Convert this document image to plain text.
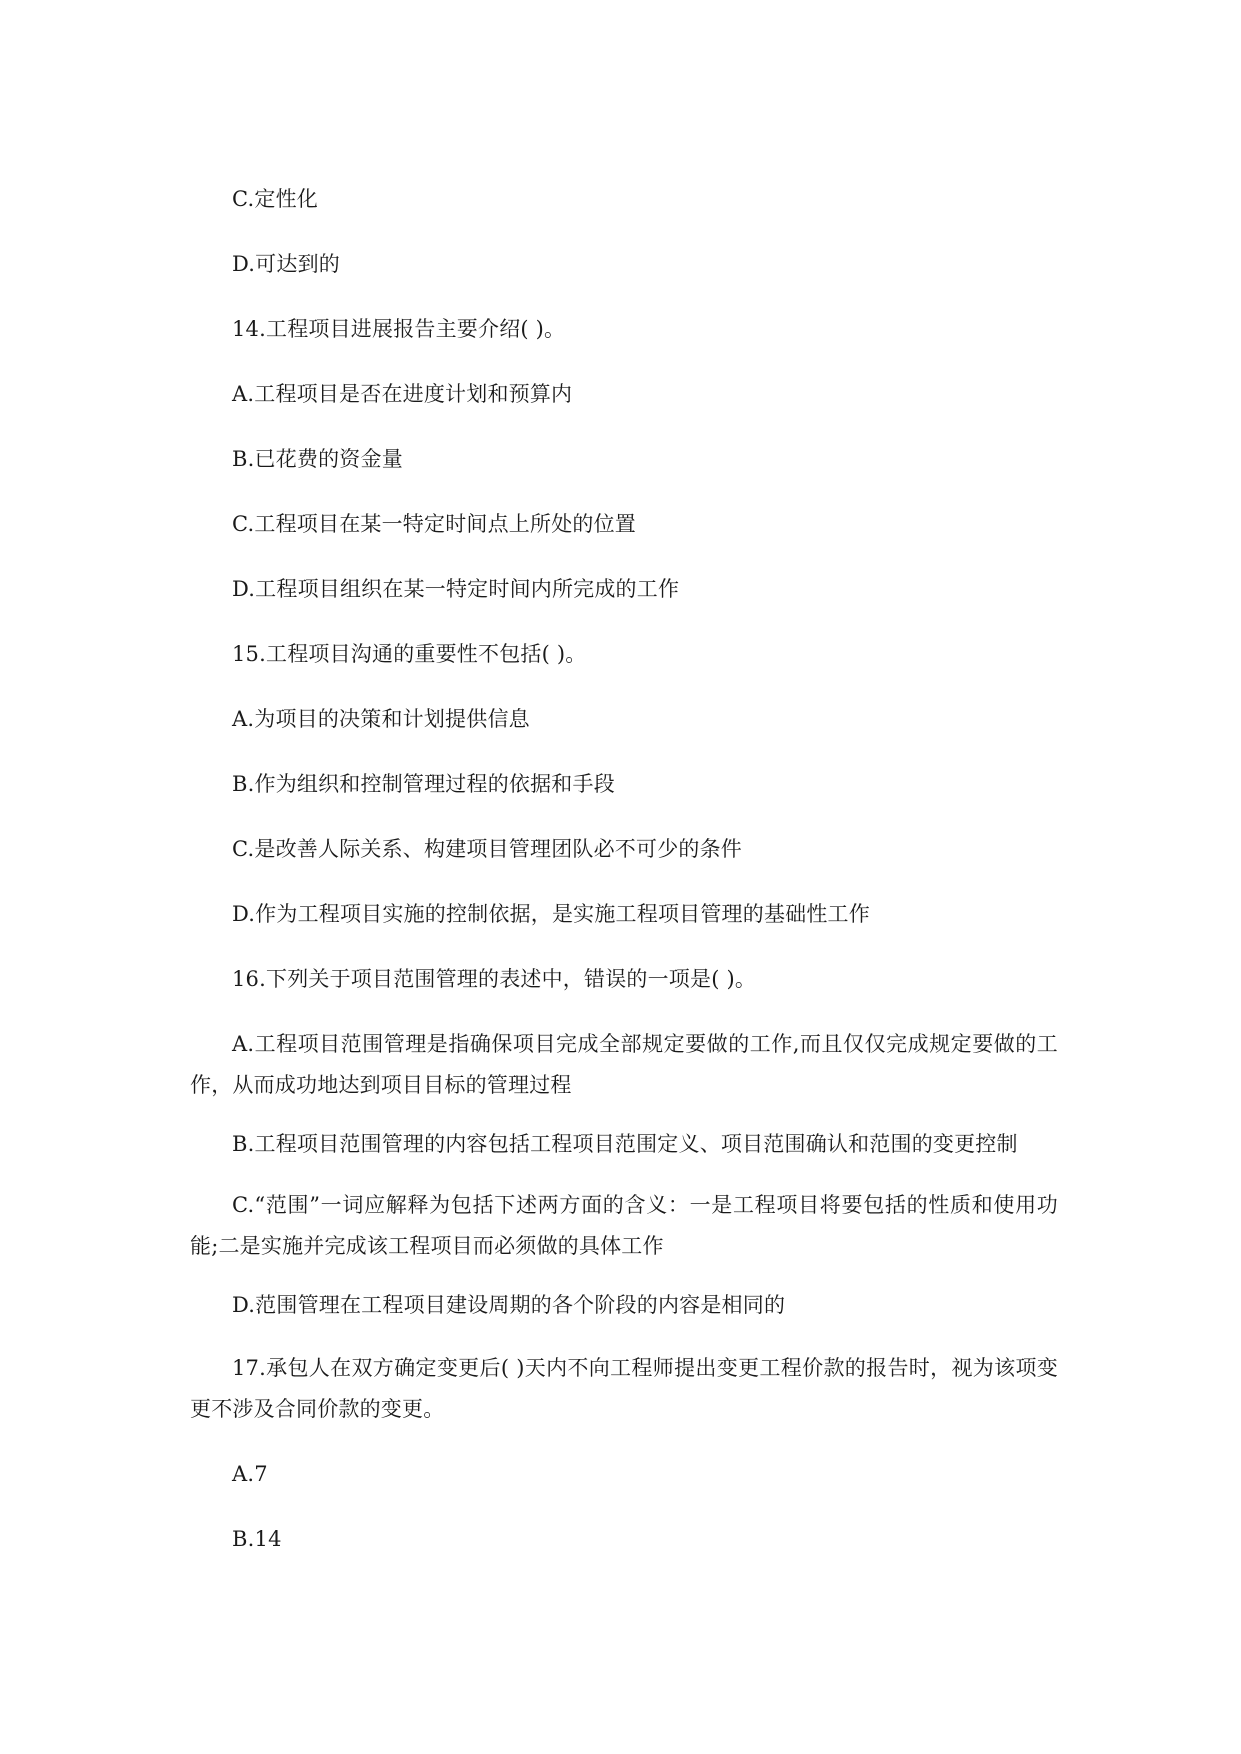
C.定性化
D.可达到的
14.工程项目进展报告主要介绍( )。
A.工程项目是否在进度计划和预算内
B.已花费的资金量
C.工程项目在某一特定时间点上所处的位置
D.工程项目组织在某一特定时间内所完成的工作
15.工程项目沟通的重要性不包括( )。
A.为项目的决策和计划提供信息
B.作为组织和控制管理过程的依据和手段
C.是改善人际关系、构建项目管理团队必不可少的条件
D.作为工程项目实施的控制依据，是实施工程项目管理的基础性工作
16.下列关于项目范围管理的表述中，错误的一项是( )。
A.工程项目范围管理是指确保项目完成全部规定要做的工作,而且仅仅完成规定要做的工作，从而成功地达到项目目标的管理过程
B.工程项目范围管理的内容包括工程项目范围定义、项目范围确认和范围的变更控制
C.“范围”一词应解释为包括下述两方面的含义：一是工程项目将要包括的性质和使用功能;二是实施并完成该工程项目而必须做的具体工作
D.范围管理在工程项目建设周期的各个阶段的内容是相同的
17.承包人在双方确定变更后( )天内不向工程师提出变更工程价款的报告时，视为该项变更不涉及合同价款的变更。
A.7
B.14
